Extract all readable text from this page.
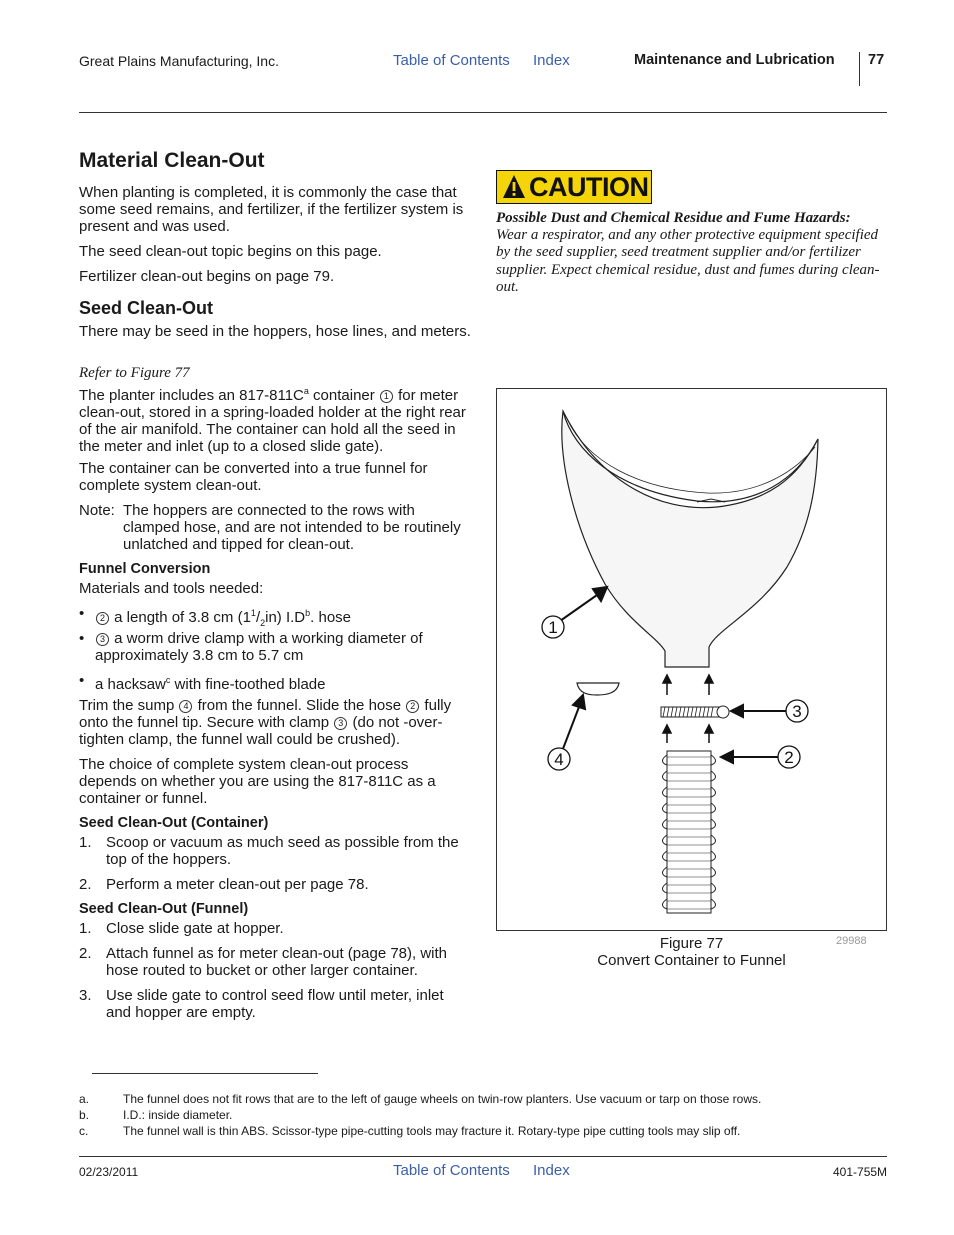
Great Plains Manufacturing, Inc.	Table of Contents Index	Maintenance and Lubrication 77
Material Clean-Out

When planting is completed, it is commonly the case that some seed remains, and fertilizer, if the fertilizer system is present and was used.

The seed clean-out topic begins on this page.

Fertilizer clean-out begins on page 79.

Seed Clean-Out

There may be seed in the hoppers, hose lines, and meters.

Refer to Figure 77

The planter includes an $817-811C^a$ container 1 for meter clean-out, stored in a spring-loaded holder at the right rear of the air manifold. The container can hold all the seed in the meter and inlet (up to a closed slide gate).

The container can be converted into a true funnel for complete system clean-out.

Note: The hoppers are connected to the rows with clamped hose, and are not intended to be routinely unlatched and tipped for clean-out.

Funnel Conversion

Materials and tools needed:

•	2 a length of 3.8 cm $(1^1/_2in)$ $I.D^b$. hose

•	3 a worm drive clamp with a working diameter of approximately 3.8 cm to 5.7 cm

• a hacksaw$^c$ with fine-toothed blade

Trim the sump 4 from the funnel. Slide the hose 2 fully onto the funnel tip. Secure with clamp 3 (do not -over-tighten clamp, the funnel wall could be crushed).

The choice of complete system clean-out process depends on whether you are using the 817-811C as a container or funnel.

Seed Clean-Out (Container)
1. Scoop or vacuum as much seed as possible from the top of the hoppers.

2. Perform a meter clean-out per page 78.

Seed Clean-Out (Funnel)
1. Close slide gate at hopper.

2. Attach funnel as for meter clean-out (page 78), with hose routed to bucket or other larger container.

3. Use slide gate to control seed flow until meter, inlet and hopper are empty.

CAUTION

Possible Dust and Chemical Residue and Fume Hazards:

Wear a respirator, and any other protective equipment specified by the seed supplier, seed treatment supplier and/or fertilizer supplier. Expect chemical residue, dust and fumes during clean-out.

1
2
3
4
Figure 77
Convert Container to Funnel
29988
a.	The funnel does not fit rows that are to the left of gauge wheels on twin-row planters. Use vacuum or tarp on those rows.
b.	I.D.: inside diameter.
c.	The funnel wall is thin ABS. Scissor-type pipe-cutting tools may fracture it. Rotary-type pipe cutting tools may slip off.
02/23/2011	Table of Contents Index	401-755M
